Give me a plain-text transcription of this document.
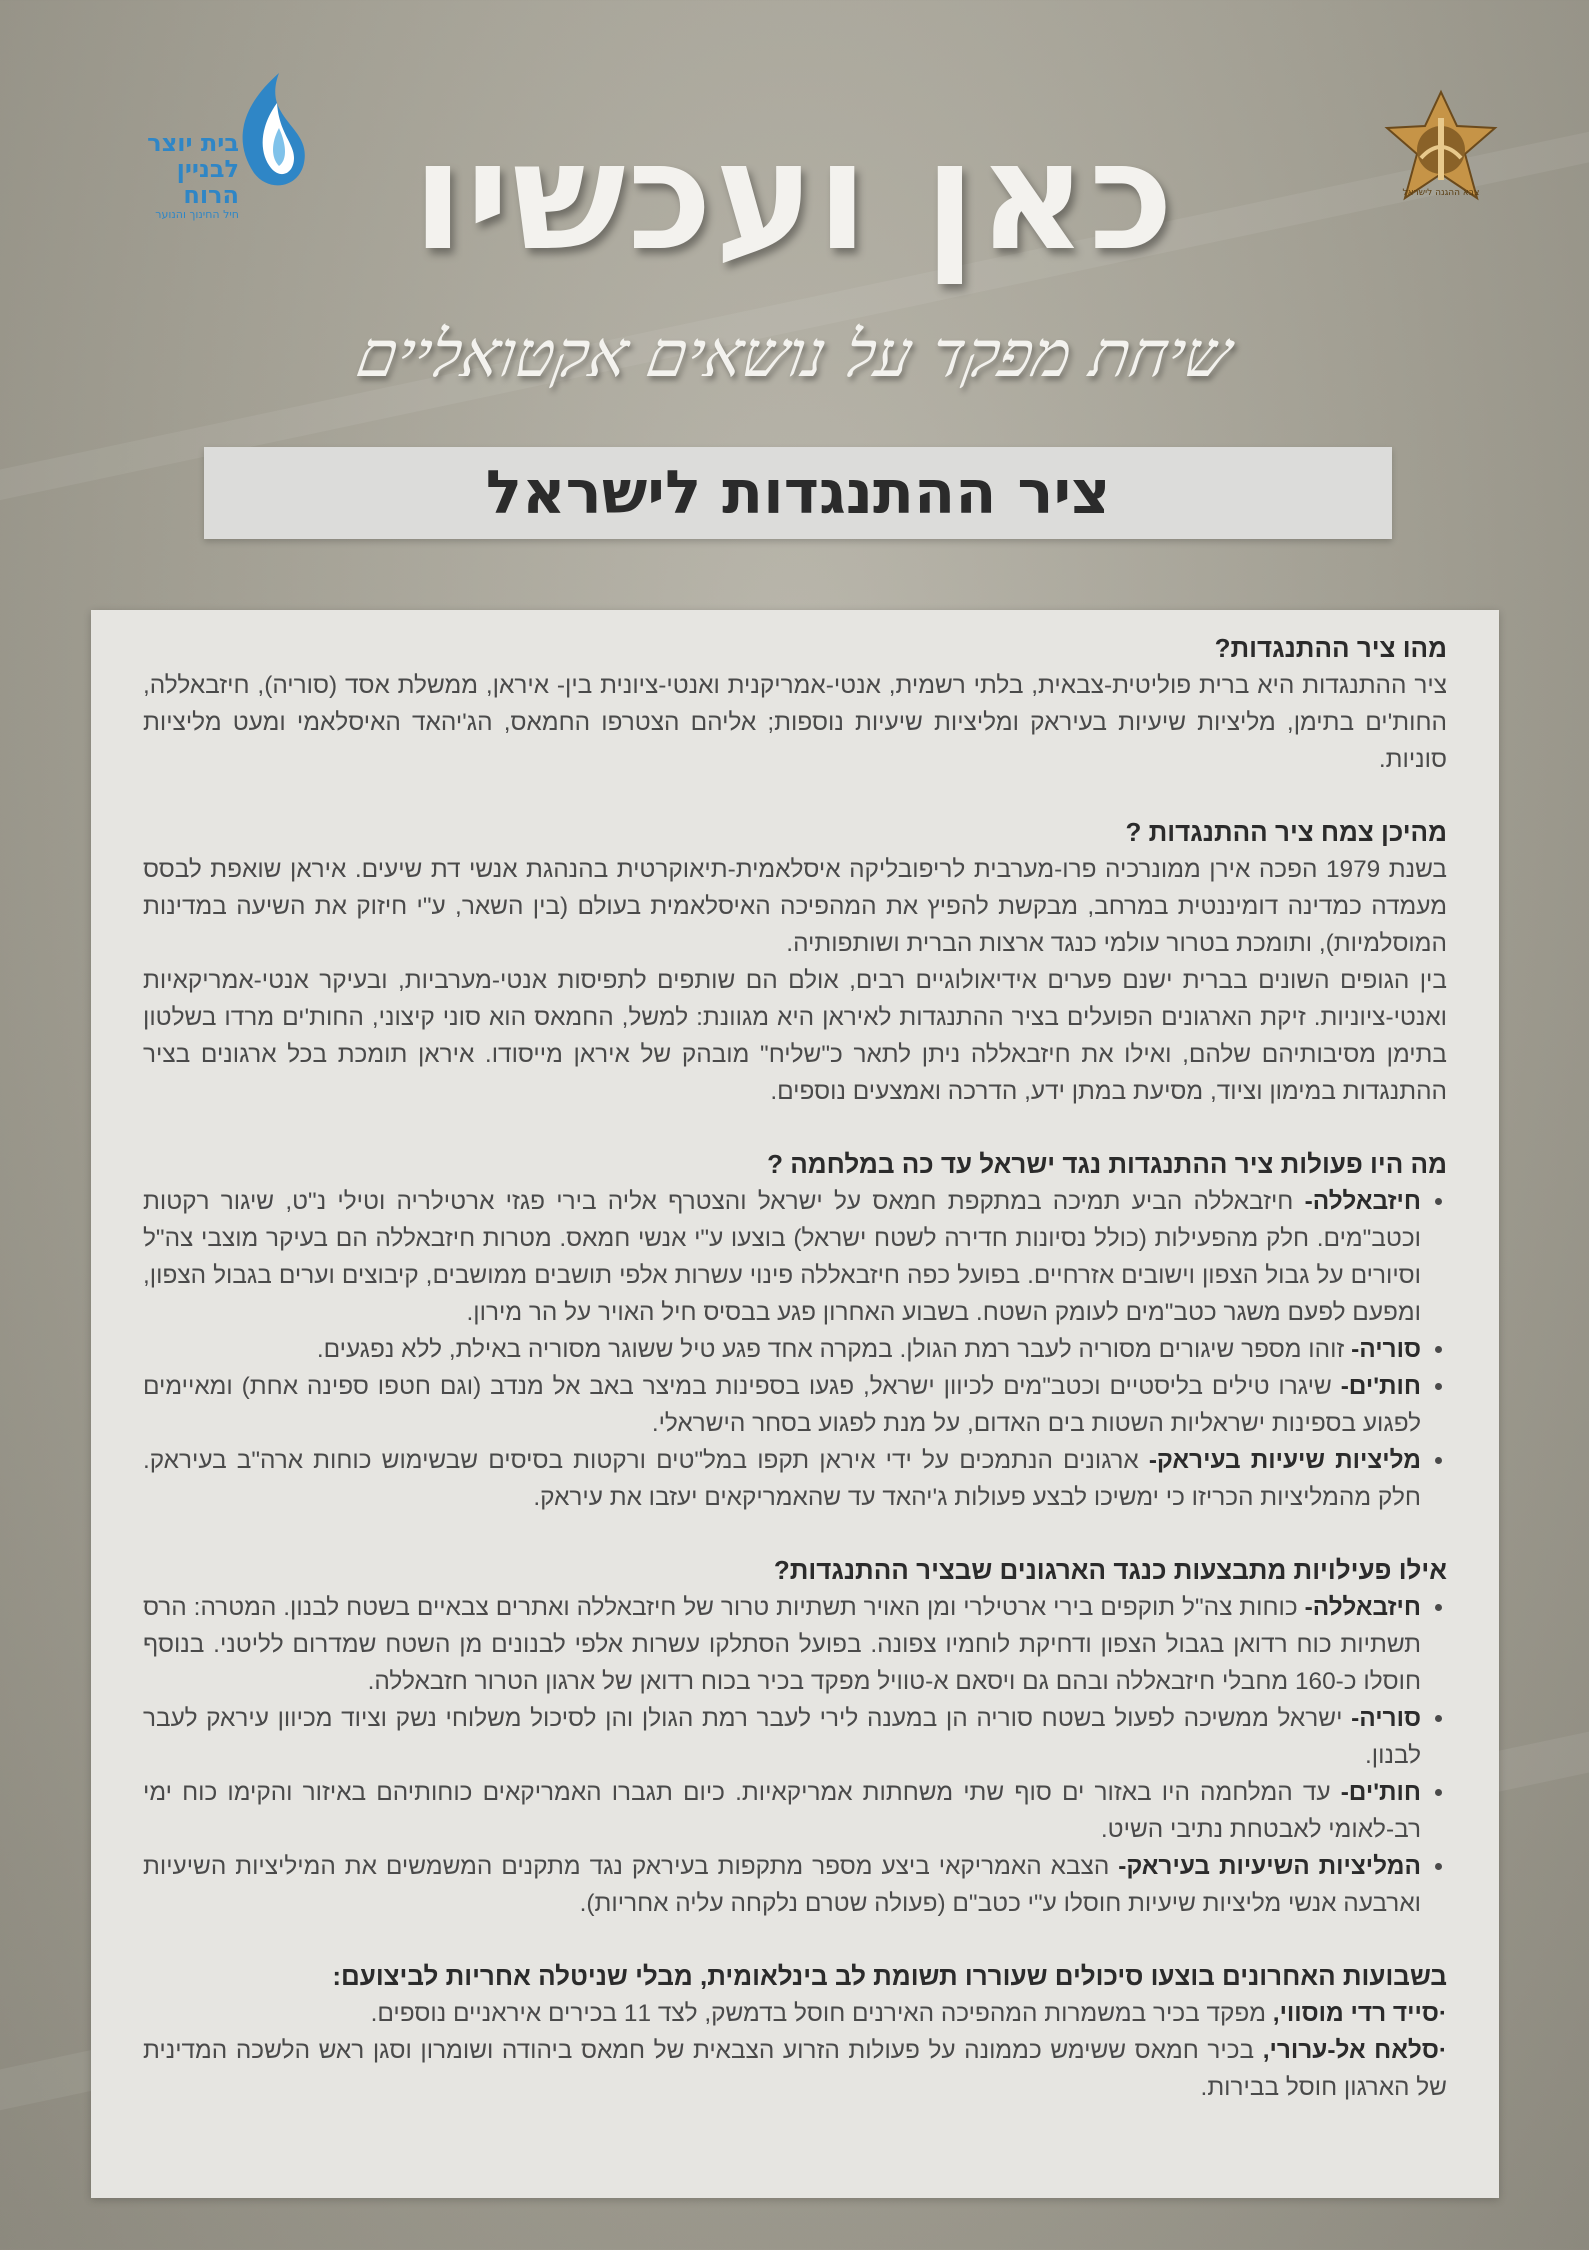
בית יוצר
לבניין הרוח
חיל החינוך והנוער
צבא ההגנה לישראל
כאן ועכשיו
שיחת מפקד על נושאים אקטואליים
ציר ההתנגדות לישראל
מהו ציר ההתנגדות?

ציר ההתנגדות היא ברית פוליטית-צבאית, בלתי רשמית, אנטי-אמריקנית ואנטי-ציונית בין- איראן, ממשלת אסד (סוריה), חיזבאללה, החות'ים בתימן, מליציות שיעיות בעיראק ומליציות שיעיות נוספות; אליהם הצטרפו החמאס, הג'יהאד האיסלאמי ומעט מליציות סוניות.

מהיכן צמח ציר ההתנגדות ?

בשנת 1979 הפכה אירן ממונרכיה פרו-מערבית לריפובליקה איסלאמית-תיאוקרטית בהנהגת אנשי דת שיעים. איראן שואפת לבסס מעמדה כמדינה דומיננטית במרחב, מבקשת להפיץ את המהפיכה האיסלאמית בעולם (בין השאר, ע"י חיזוק את השיעה במדינות המוסלמיות), ותומכת בטרור עולמי כנגד ארצות הברית ושותפותיה.

בין הגופים השונים בברית ישנם פערים אידיאולוגיים רבים, אולם הם שותפים לתפיסות אנטי-מערביות, ובעיקר אנטי-אמריקאיות ואנטי-ציוניות. זיקת הארגונים הפועלים בציר ההתנגדות לאיראן היא מגוונת: למשל, החמאס הוא סוני קיצוני, החות'ים מרדו בשלטון בתימן מסיבותיהם שלהם, ואילו את חיזבאללה ניתן לתאר כ"שליח" מובהק של איראן מייסודו. איראן תומכת בכל ארגונים בציר ההתנגדות במימון וציוד, מסיעת במתן ידע, הדרכה ואמצעים נוספים.

מה היו פעולות ציר ההתנגדות נגד ישראל עד כה במלחמה ?
• חיזבאללה- חיזבאללה הביע תמיכה במתקפת חמאס על ישראל והצטרף אליה בירי פגזי ארטילריה וטילי נ"ט, שיגור רקטות וכטב"מים. חלק מהפעילות (כולל נסיונות חדירה לשטח ישראל) בוצעו ע"י אנשי חמאס. מטרות חיזבאללה הם בעיקר מוצבי צה"ל וסיורים על גבול הצפון וישובים אזרחיים. בפועל כפה חיזבאללה פינוי עשרות אלפי תושבים ממושבים, קיבוצים וערים בגבול הצפון, ומפעם לפעם משגר כטב"מים לעומק השטח. בשבוע האחרון פגע בבסיס חיל האויר על הר מירון.
• סוריה- זוהו מספר שיגורים מסוריה לעבר רמת הגולן. במקרה אחד פגע טיל ששוגר מסוריה באילת, ללא נפגעים.
• חות'ים- שיגרו טילים בליסטיים וכטב"מים לכיוון ישראל, פגעו בספינות במיצר באב אל מנדב (וגם חטפו ספינה אחת) ומאיימים לפגוע בספינות ישראליות השטות בים האדום, על מנת לפגוע בסחר הישראלי.
• מליציות שיעיות בעיראק- ארגונים הנתמכים על ידי איראן תקפו במל"טים ורקטות בסיסים שבשימוש כוחות ארה"ב בעיראק. חלק מהמליציות הכריזו כי ימשיכו לבצע פעולות ג'יהאד עד שהאמריקאים יעזבו את עיראק.
אילו פעילויות מתבצעות כנגד הארגונים שבציר ההתנגדות?
• חיזבאללה- כוחות צה"ל תוקפים בירי ארטילרי ומן האויר תשתיות טרור של חיזבאללה ואתרים צבאיים בשטח לבנון. המטרה: הרס תשתיות כוח רדואן בגבול הצפון ודחיקת לוחמיו צפונה. בפועל הסתלקו עשרות אלפי לבנונים מן השטח שמדרום לליטני. בנוסף חוסלו כ-160 מחבלי חיזבאללה ובהם גם ויסאם א-טוויל מפקד בכיר בכוח רדואן של ארגון הטרור חזבאללה.
• סוריה- ישראל ממשיכה לפעול בשטח סוריה הן במענה לירי לעבר רמת הגולן והן לסיכול משלוחי נשק וציוד מכיוון עיראק לעבר לבנון.
• חות'ים- עד המלחמה היו באזור ים סוף שתי משחתות אמריקאיות. כיום תגברו האמריקאים כוחותיהם באיזור והקימו כוח ימי רב-לאומי לאבטחת נתיבי השיט.
• המליציות השיעיות בעיראק- הצבא האמריקאי ביצע מספר מתקפות בעיראק נגד מתקנים המשמשים את המיליציות השיעיות וארבעה אנשי מליציות שיעיות חוסלו ע"י כטב"ם (פעולה שטרם נלקחה עליה אחריות).
בשבועות האחרונים בוצעו סיכולים שעוררו תשומת לב בינלאומית, מבלי שניטלה אחריות לביצועם:

·סייד רדי מוסווי, מפקד בכיר במשמרות המהפיכה האירנים חוסל בדמשק, לצד 11 בכירים איראניים נוספים.

·סלאח אל-ערורי, בכיר חמאס ששימש כממונה על פעולות הזרוע הצבאית של חמאס ביהודה ושומרון וסגן ראש הלשכה המדינית של הארגון חוסל בבירות.
